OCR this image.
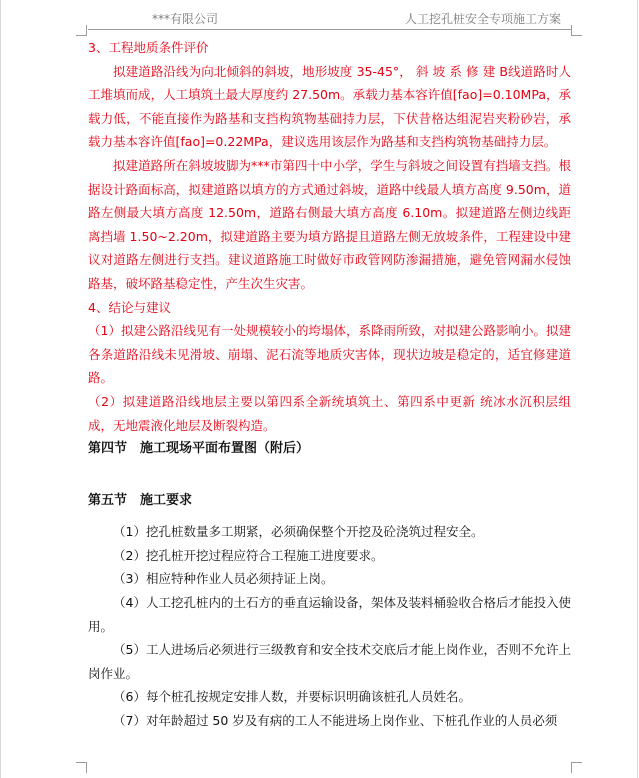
***有限公司	人工挖孔桩安全专项施工方案

3、工程地质条件评价

拟建道路沿线为向北倾斜的斜坡，地形坡度 35-45°， 斜 坡 系 修 建 B线道路时人工堆填而成，人工填筑土最大厚度约 27.50m。承载力基本容许值[fao]=0.10MPa，承载力低，不能直接作为路基和支挡构筑物基础持力层，下伏昔格达组泥岩夹粉砂岩，承载力基本容许值[fao]=0.22MPa，建议选用该层作为路基和支挡构筑物基础持力层。

拟建道路所在斜坡坡脚为***市第四十中小学，学生与斜坡之间设置有挡墙支挡。根据设计路面标高，拟建道路以填方的方式通过斜坡，道路中线最人填方高度 9.50m，道路左侧最大填方高度 12.50m，道路右侧最大填方高度 6.10m。拟建道路左侧边线距离挡墙 1.50~2.20m，拟建道路主要为填方路提且道路左侧无放坡条件，工程建设中建议对道路左侧进行支挡。建议道路施工时做好市政管网防渗漏措施，避免管网漏水侵蚀路基，破坏路基稳定性，产生次生灾害。

4、结论与建议

（1）拟建公路沿线见有一处规模较小的垮塌体，系降雨所致，对拟建公路影响小。拟建各条道路沿线未见滑坡、崩塌、泥石流等地质灾害体，现状边坡是稳定的，适宜修建道路。

（2）拟建道路沿线地层主要以第四系全新统填筑土、第四系中更新 统冰水沉积层组成，无地震液化地层及断裂构造。

第四节　施工现场平面布置图（附后）

第五节　施工要求

（1）挖孔桩数量多工期紧，必须确保整个开挖及砼浇筑过程安全。

（2）挖孔桩开挖过程应符合工程施工进度要求。

（3）相应特种作业人员必须持证上岗。

（4）人工挖孔桩内的土石方的垂直运输设备，架体及装料桶验收合格后才能投入使用。

（5）工人进场后必须进行三级教育和安全技术交底后才能上岗作业，否则不允许上岗作业。

（6）每个桩孔按规定安排人数，并要标识明确该桩孔人员姓名。

（7）对年龄超过 50 岁及有病的工人不能进场上岗作业、下桩孔作业的人员必须
